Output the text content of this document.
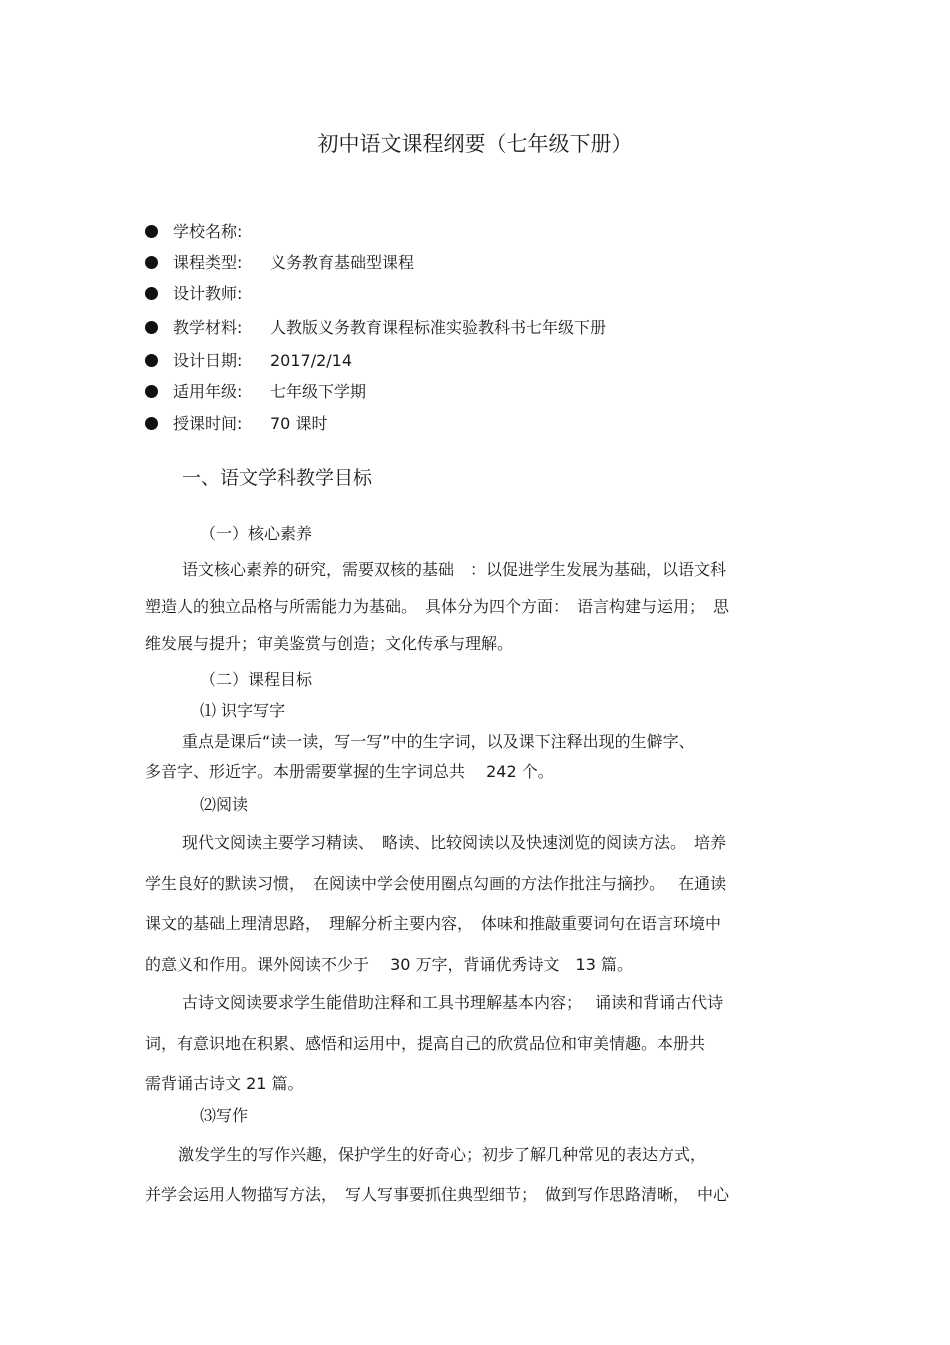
初中语文课程纲要（七年级下册）
学校名称:
课程类型: 义务教育基础型课程
设计教师:
教学材料: 人教版义务教育课程标准实验教科书七年级下册
设计日期: 2017/2/14
适用年级: 七年级下学期
授课时间: 70 课时
一、语文学科教学目标
（一）核心素养
语文核心素养的研究，需要双核的基础　：以促进学生发展为基础，以语文科
塑造人的独立品格与所需能力为基础。　具体分为四个方面：　语言构建与运用；　思
维发展与提升；审美鉴赏与创造；文化传承与理解。
（二）课程目标
⑴ 识字写字
重点是课后“读一读，写一写”中的生字词，以及课下注释出现的生僻字、
多音字、形近字。本册需要掌握的生字词总共　 242 个。
⑵阅读
现代文阅读主要学习精读、　略读、比较阅读以及快速浏览的阅读方法。　培养
学生良好的默读习惯，　在阅读中学会使用圈点勾画的方法作批注与摘抄。　 在通读
课文的基础上理清思路，　理解分析主要内容，　体味和推敲重要词句在语言环境中
的意义和作用。课外阅读不少于　 30 万字，背诵优秀诗文　13 篇。
古诗文阅读要求学生能借助注释和工具书理解基本内容；　 诵读和背诵古代诗
词，有意识地在积累、感悟和运用中，提高自己的欣赏品位和审美情趣。本册共
需背诵古诗文 21 篇。
⑶写作
激发学生的写作兴趣，保护学生的好奇心；初步了解几种常见的表达方式，
并学会运用人物描写方法，　写人写事要抓住典型细节；　做到写作思路清晰，　中心
